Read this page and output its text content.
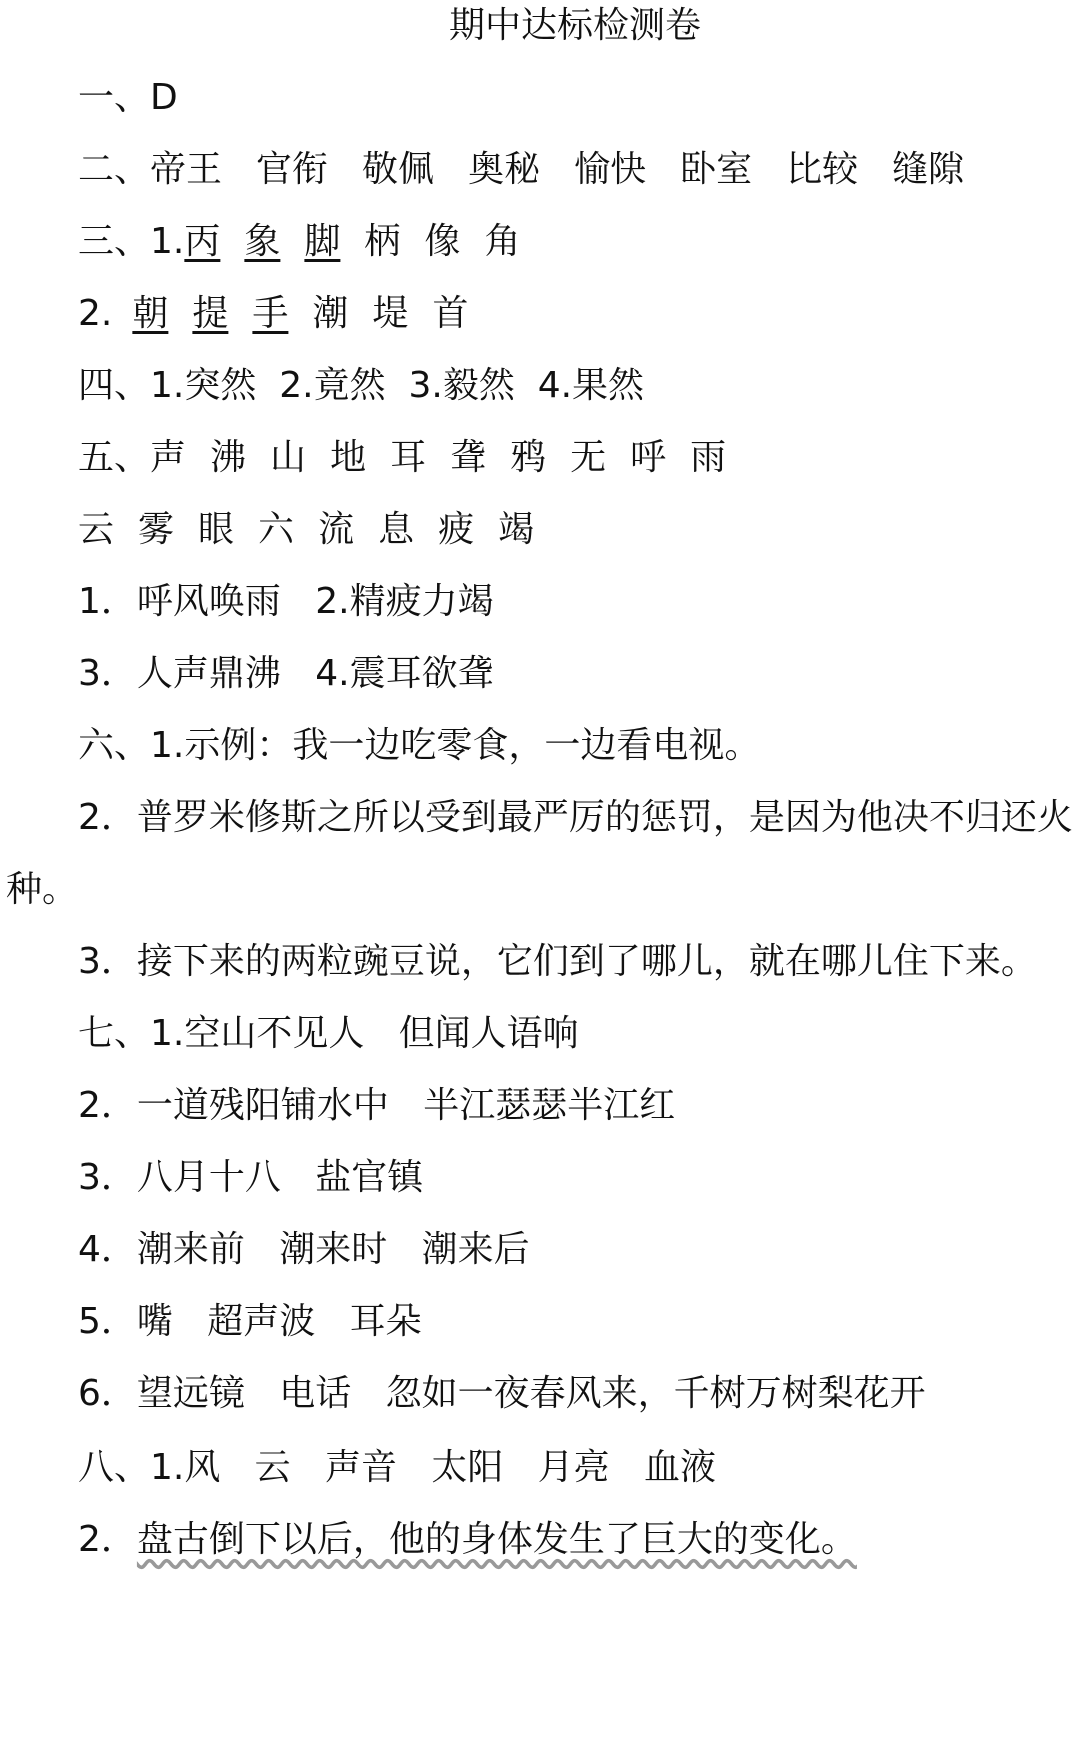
期中达标检测卷
一、D
二、帝王 官衔 敬佩 奥秘 愉快 卧室 比较 缝隙
三、1.丙 象 脚 柄 像 角
2. 朝 提 手 潮 堤 首
四、1.突然  2.竟然  3.毅然  4.果然
五、声 沸 山 地 耳 聋 鸦 无 呼 雨
云 雾 眼 六 流 息 疲 竭
1．呼风唤雨   2.精疲力竭
3．人声鼎沸   4.震耳欲聋
六、1.示例：我一边吃零食，一边看电视。
2．普罗米修斯之所以受到最严厉的惩罚，是因为他决不归还火
种。
3．接下来的两粒豌豆说，它们到了哪儿，就在哪儿住下来。
七、1.空山不见人   但闻人语响
2．一道残阳铺水中   半江瑟瑟半江红
3．八月十八   盐官镇
4．潮来前   潮来时   潮来后
5．嘴   超声波   耳朵
6．望远镜   电话   忽如一夜春风来，千树万树梨花开
八、1.风   云   声音   太阳   月亮   血液
2．盘古倒下以后，他的身体发生了巨大的变化。
